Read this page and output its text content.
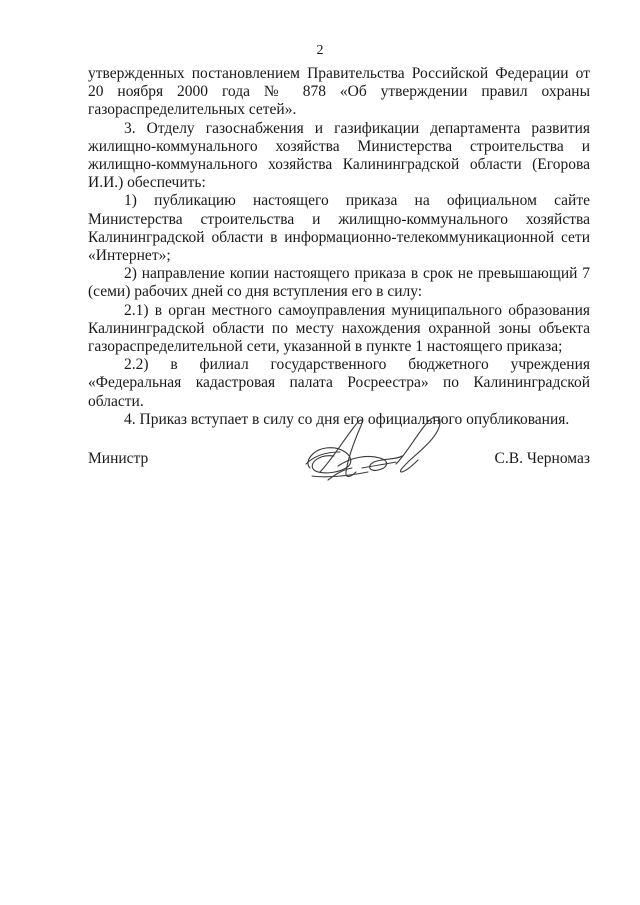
2

утвержденных постановлением Правительства Российской Федерации от 20 ноября 2000 года № 878 «Об утверждении правил охраны газораспределительных сетей».

3. Отделу газоснабжения и газификации департамента развития жилищно-коммунального хозяйства Министерства строительства и жилищно-коммунального хозяйства Калининградской области (Егорова И.И.) обеспечить:

1) публикацию настоящего приказа на официальном сайте Министерства строительства и жилищно-коммунального хозяйства Калининградской области в информационно-телекоммуникационной сети «Интернет»;

2) направление копии настоящего приказа в срок не превышающий 7 (семи) рабочих дней со дня вступления его в силу:

2.1) в орган местного самоуправления муниципального образования Калининградской области по месту нахождения охранной зоны объекта газораспределительной сети, указанной в пункте 1 настоящего приказа;

2.2) в филиал государственного бюджетного учреждения «Федеральная кадастровая палата Росреестра» по Калининградской области.

4. Приказ вступает в силу со дня его официального опубликования.

Министр	С.В. Черномаз
